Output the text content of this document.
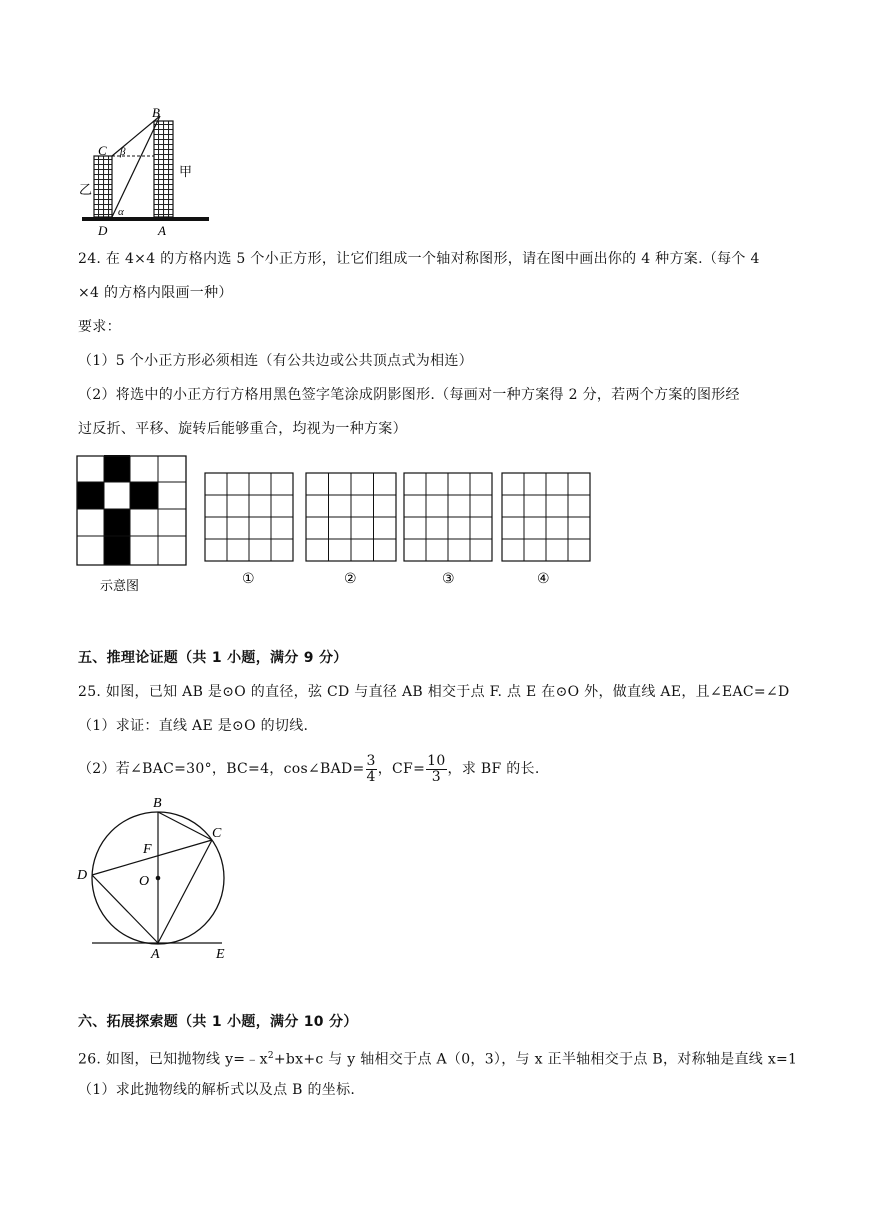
B
C β
α
乙
甲
D	A
24. 在 4×4 的方格内选 5 个小正方形，让它们组成一个轴对称图形，请在图中画出你的 4 种方案.（每个 4
×4 的方格内限画一种）
要求：
（1）5 个小正方形必须相连（有公共边或公共顶点式为相连）
（2）将选中的小正方行方格用黑色签字笔涂成阴影图形.（每画对一种方案得 2 分，若两个方案的图形经
过反折、平移、旋转后能够重合，均视为一种方案）
示意图	①	②	③	④
五、推理论证题（共 1 小题，满分 9 分）
25. 如图，已知 AB 是⊙O 的直径，弦 CD 与直径 AB 相交于点 F. 点 E 在⊙O 外，做直线 AE，且∠EAC=∠D
（1）求证：直线 AE 是⊙O 的切线.
（2）若∠BAC=30°，BC=4，cos∠BAD= $\frac{3}{4}$ ，$CF= \frac{10}{3}$ ，求 BF 的长.
B
C
F
D	O
A	E
六、拓展探索题（共 1 小题，满分 10 分）
26. 如图，已知抛物线 $y=﹣x^2+bx+c$ 与 y 轴相交于点 A（0，3），与 x 正半轴相交于点 B，对称轴是直线 x=1
（1）求此抛物线的解析式以及点 B 的坐标.
